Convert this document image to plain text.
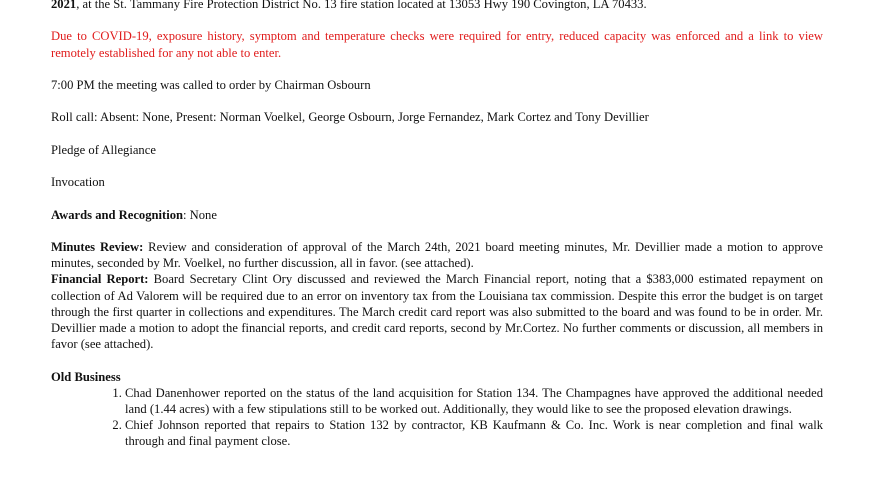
2021, at the St. Tammany Fire Protection District No. 13 fire station located at 13053 Hwy 190 Covington, LA 70433.

Due to COVID-19, exposure history, symptom and temperature checks were required for entry, reduced capacity was enforced and a link to view remotely established for any not able to enter.

7:00 PM the meeting was called to order by Chairman Osbourn

Roll call: Absent: None, Present: Norman Voelkel, George Osbourn, Jorge Fernandez, Mark Cortez and Tony Devillier

Pledge of Allegiance

Invocation

Awards and Recognition: None

Minutes Review: Review and consideration of approval of the March 24th, 2021 board meeting minutes, Mr. Devillier made a motion to approve minutes, seconded by Mr. Voelkel, no further discussion, all in favor. (see attached).

Financial Report: Board Secretary Clint Ory discussed and reviewed the March Financial report, noting that a $383,000 estimated repayment on collection of Ad Valorem will be required due to an error on inventory tax from the Louisiana tax commission. Despite this error the budget is on target through the first quarter in collections and expenditures. The March credit card report was also submitted to the board and was found to be in order. Mr. Devillier made a motion to adopt the financial reports, and credit card reports, second by Mr.Cortez. No further comments or discussion, all members in favor (see attached).

Old Business

1. Chad Danenhower reported on the status of the land acquisition for Station 134. The Champagnes have approved the additional needed land (1.44 acres) with a few stipulations still to be worked out. Additionally, they would like to see the proposed elevation drawings.
2. Chief Johnson reported that repairs to Station 132 by contractor, KB Kaufmann & Co. Inc. Work is near completion and final walk through and final payment close.
